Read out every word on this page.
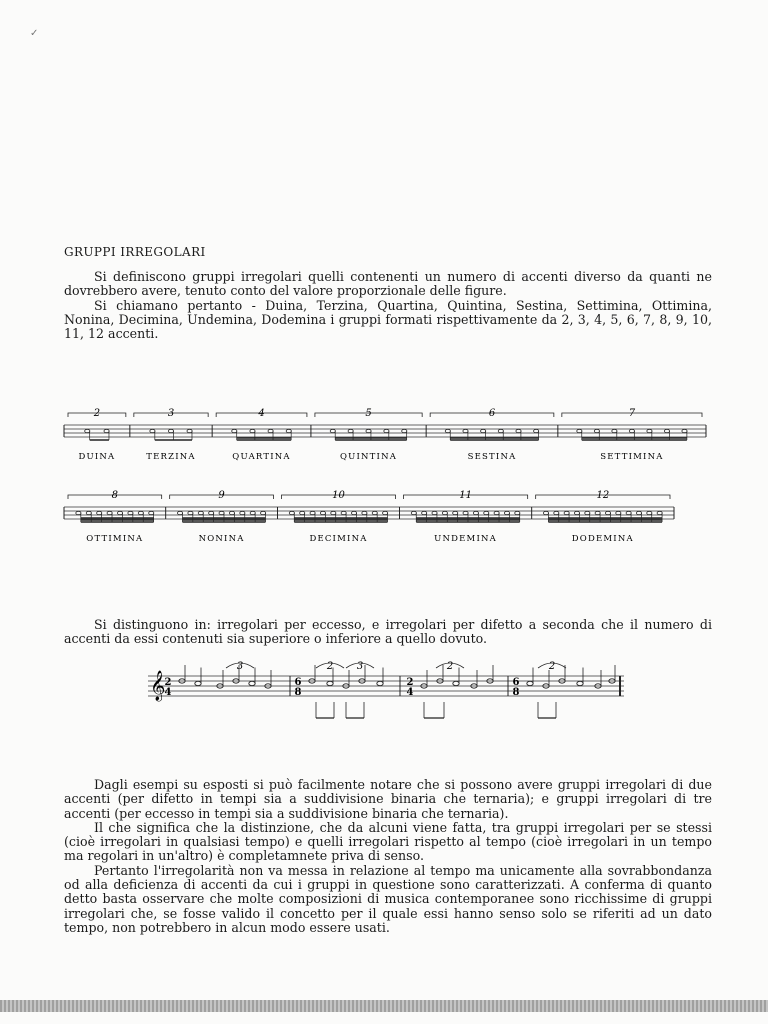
✓
GRUPPI IRREGOLARI

Si definiscono gruppi irregolari quelli contenenti un numero di accenti diverso da quanti ne dovrebbero avere, tenuto conto del valore proporzionale delle figure.

Si chiamano pertanto - Duina, Terzina, Quartina, Quintina, Sestina, Settimina, Ottimina, Nonina, Decimina, Undemina, Dodemina i gruppi formati rispettivamente da 2, 3, 4, 5, 6, 7, 8, 9, 10, 11, 12 accenti.

2
DUINA
3
TERZINA
4
QUARTINA
5
QUINTINA
6
SESTINA
7
SETTIMINA
8
OTTIMINA
9
NONINA
10
DECIMINA
11
UNDEMINA
12
DODEMINA

Si distinguono in: irregolari per eccesso, e irregolari per difetto a seconda che il numero di accenti da essi contenuti sia superiore o inferiore a quello dovuto.

𝄞 2
4
6
8
2
4
6
8
3	2 3	2	2

Dagli esempi su esposti si può facilmente notare che si possono avere gruppi irregolari di due accenti (per difetto in tempi sia a suddivisione binaria che ternaria); e gruppi irregolari di tre accenti (per eccesso in tempi sia a suddivisione binaria che ternaria).

Il che significa che la distinzione, che da alcuni viene fatta, tra gruppi irregolari per se stessi (cioè irregolari in qualsiasi tempo) e quelli irregolari rispetto al tempo (cioè irregolari in un tempo ma regolari in un'altro) è completamnete priva di senso.

Pertanto l'irregolarità non va messa in relazione al tempo ma unicamente alla sovrabbondanza od alla deficienza di accenti da cui i gruppi in questione sono caratterizzati. A conferma di quanto detto basta osservare che molte composizioni di musica contemporanee sono ricchissime di gruppi irregolari che, se fosse valido il concetto per il quale essi hanno senso solo se riferiti ad un dato tempo, non potrebbero in alcun modo essere usati.
